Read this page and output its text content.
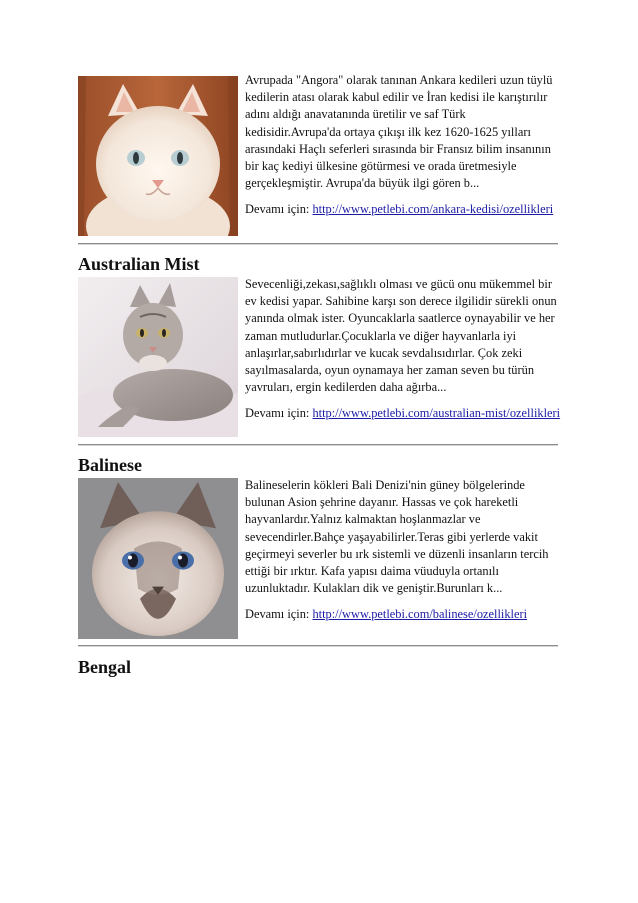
Avrupada "Angora" olarak tanınan Ankara kedileri uzun tüylü kedilerin atası olarak kabul edilir ve İran kedisi ile karıştırılır adını aldığı anavatanında üretilir ve saf Türk kedisidir.Avrupa'da ortaya çıkışı ilk kez 1620-1625 yılları arasındaki Haçlı seferleri sırasında bir Fransız bilim insanının bir kaç kediyi ülkesine götürmesi ve orada üretmesiyle gerçekleşmiştir. Avrupa'da büyük ilgi gören b...

Devamı için: http://www.petlebi.com/ankara-kedisi/ozellikleri

Australian Mist

Sevecenliği,zekası,sağlıklı olması ve gücü onu mükemmel bir ev kedisi yapar. Sahibine karşı son derece ilgilidir sürekli onun yanında olmak ister. Oyuncaklarla saatlerce oynayabilir ve her zaman mutludurlar.Çocuklarla ve diğer hayvanlarla iyi anlaşırlar,sabırlıdırlar ve kucak sevdalısıdırlar. Çok zeki sayılmasalarda, oyun oynamaya her zaman seven bu türün yavruları, ergin kedilerden daha ağırba...

Devamı için: http://www.petlebi.com/australian-mist/ozellikleri

Balinese

Balineselerin kökleri Bali Denizi'nin güney bölgelerinde bulunan Asion şehrine dayanır. Hassas ve çok hareketli hayvanlardır.Yalnız kalmaktan hoşlanmazlar ve sevecendirler.Bahçe yaşayabilirler.Teras gibi yerlerde vakit geçirmeyi severler bu ırk sistemli ve düzenli insanların tercih ettiği bir ırktır. Kafa yapısı daima vüuduyla ortanılı uzunluktadır. Kulakları dik ve geniştir.Burunları k...

Devamı için: http://www.petlebi.com/balinese/ozellikleri

Bengal
